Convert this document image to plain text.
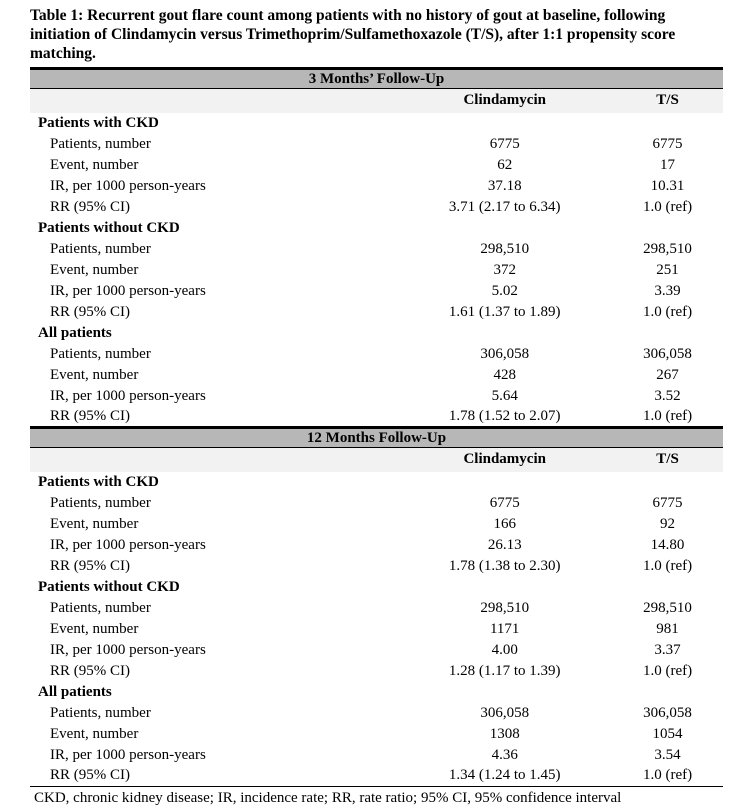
Table 1: Recurrent gout flare count among patients with no history of gout at baseline, following initiation of Clindamycin versus Trimethoprim/Sulfamethoxazole (T/S), after 1:1 propensity score matching.
3 Months’ Follow-Up		
	Clindamycin	T/S
Patients with CKD		
Patients, number	6775	6775
Event, number	62	17
IR, per 1000 person-years	37.18	10.31
RR (95% CI)	3.71 (2.17 to 6.34)	1.0 (ref)
Patients without CKD		
Patients, number	298,510	298,510
Event, number	372	251
IR, per 1000 person-years	5.02	3.39
RR (95% CI)	1.61 (1.37 to 1.89)	1.0 (ref)
All patients		
Patients, number	306,058	306,058
Event, number	428	267
IR, per 1000 person-years	5.64	3.52
RR (95% CI)	1.78 (1.52 to 2.07)	1.0 (ref)
12 Months Follow-Up		
	Clindamycin	T/S
Patients with CKD		
Patients, number	6775	6775
Event, number	166	92
IR, per 1000 person-years	26.13	14.80
RR (95% CI)	1.78 (1.38 to 2.30)	1.0 (ref)
Patients without CKD		
Patients, number	298,510	298,510
Event, number	1171	981
IR, per 1000 person-years	4.00	3.37
RR (95% CI)	1.28 (1.17 to 1.39)	1.0 (ref)
All patients		
Patients, number	306,058	306,058
Event, number	1308	1054
IR, per 1000 person-years	4.36	3.54
RR (95% CI)	1.34 (1.24 to 1.45)	1.0 (ref)
CKD, chronic kidney disease; IR, incidence rate; RR, rate ratio; 95% CI, 95% confidence interval
